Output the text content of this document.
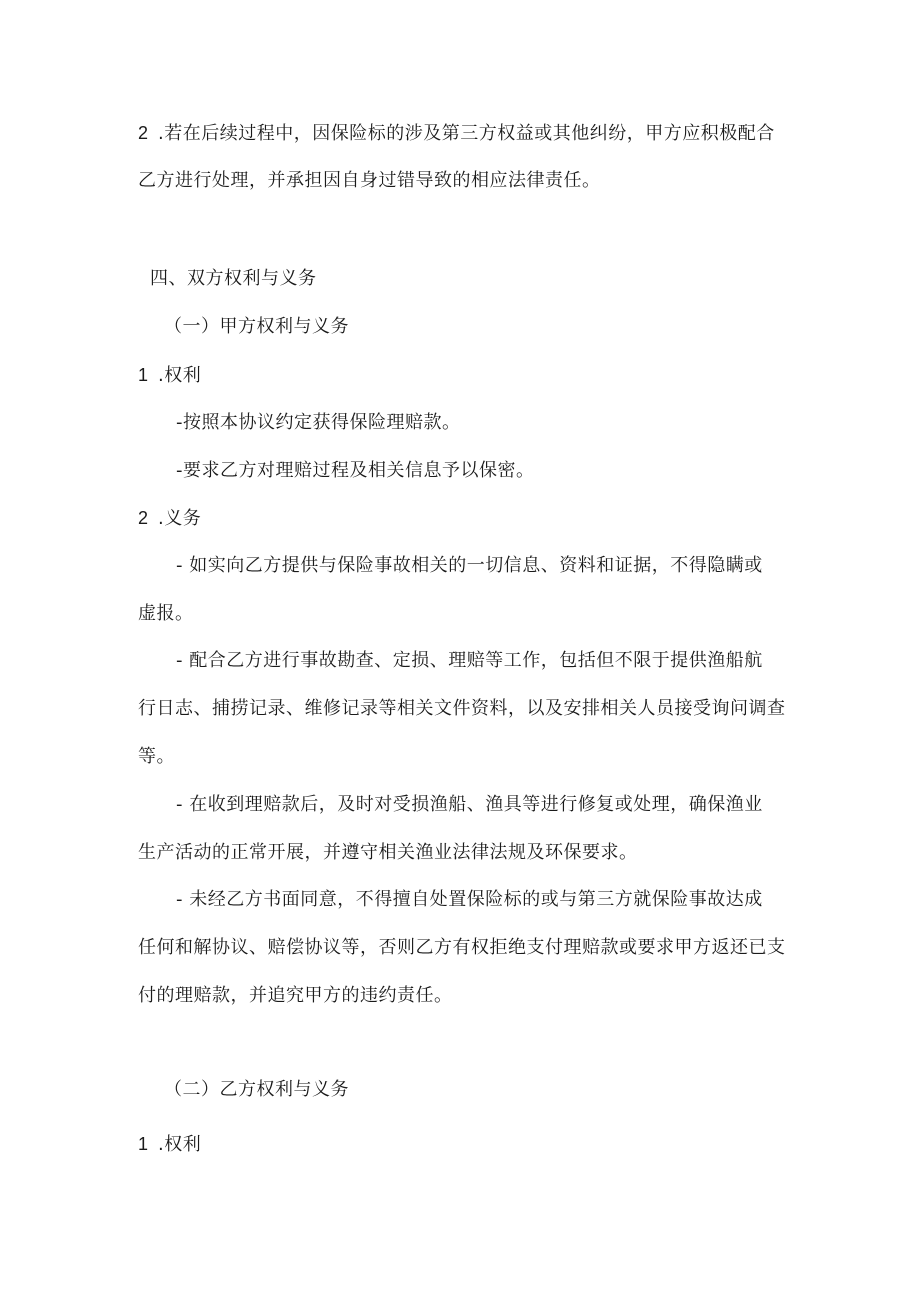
2 .若在后续过程中，因保险标的涉及第三方权益或其他纠纷，甲方应积极配合
乙方进行处理，并承担因自身过错导致的相应法律责任。
四、双方权利与义务
（一）甲方权利与义务
1 .权利
-按照本协议约定获得保险理赔款。
-要求乙方对理赔过程及相关信息予以保密。
2 .义务
- 如实向乙方提供与保险事故相关的一切信息、资料和证据，不得隐瞒或
虚报。
- 配合乙方进行事故勘查、定损、理赔等工作，包括但不限于提供渔船航
行日志、捕捞记录、维修记录等相关文件资料，以及安排相关人员接受询问调查
等。
- 在收到理赔款后，及时对受损渔船、渔具等进行修复或处理，确保渔业
生产活动的正常开展，并遵守相关渔业法律法规及环保要求。
- 未经乙方书面同意，不得擅自处置保险标的或与第三方就保险事故达成
任何和解协议、赔偿协议等，否则乙方有权拒绝支付理赔款或要求甲方返还已支
付的理赔款，并追究甲方的违约责任。
（二）乙方权利与义务
1 .权利
